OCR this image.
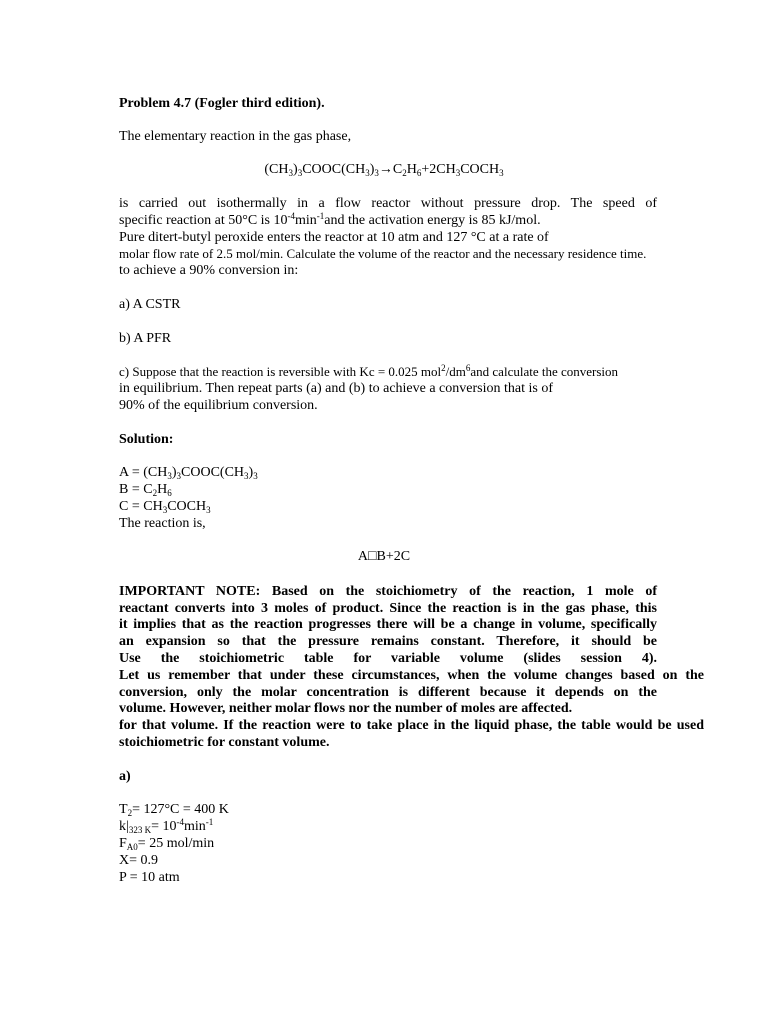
Problem 4.7 (Fogler third edition).
The elementary reaction in the gas phase,
$(CH_3)_3COOC(CH_3)_3\to C_2H_6+2CH_3COCH_3$
is carried out isothermally in a flow reactor without pressure drop. The speed of
specific reaction at 50°C is $10^{-4}\min^{-1}and$ the activation energy is 85 kJ/mol.
Pure ditert-butyl peroxide enters the reactor at 10 atm and 127 °C at a rate of
molar flow rate of 2.5 mol/min. Calculate the volume of the reactor and the necessary residence time.
to achieve a 90% conversion in:
a) A CSTR
b) A PFR
c) Suppose that the reaction is reversible with Kc = 0.025 $mol^2/dm^6and$ calculate the conversion
in equilibrium. Then repeat parts (a) and (b) to achieve a conversion that is of
90% of the equilibrium conversion.
Solution:
$A = (CH_3)_3COOC(CH_3)_3$
$B = C_2H_6$
$C = CH_3COCH_3$
The reaction is,
A□B+2C
IMPORTANT NOTE: Based on the stoichiometry of the reaction, 1 mole of
reactant converts into 3 moles of product. Since the reaction is in the gas phase, this
it implies that as the reaction progresses there will be a change in volume, specifically
an expansion so that the pressure remains constant. Therefore, it should be
Use the stoichiometric table for variable volume (slides session 4).
Let us remember that under these circumstances, when the volume changes based on the
conversion, only the molar concentration is different because it depends on the
volume. However, neither molar flows nor the number of moles are affected.
for that volume. If the reaction were to take place in the liquid phase, the table would be used
stoichiometric for constant volume.
a)
$T_2= 127^\circ C = 400$ K
$k|_{323 K}= 10^{-4}\min^{-1}$
$F_{A0}= 25$ mol/min
X= 0.9
P = 10 atm
